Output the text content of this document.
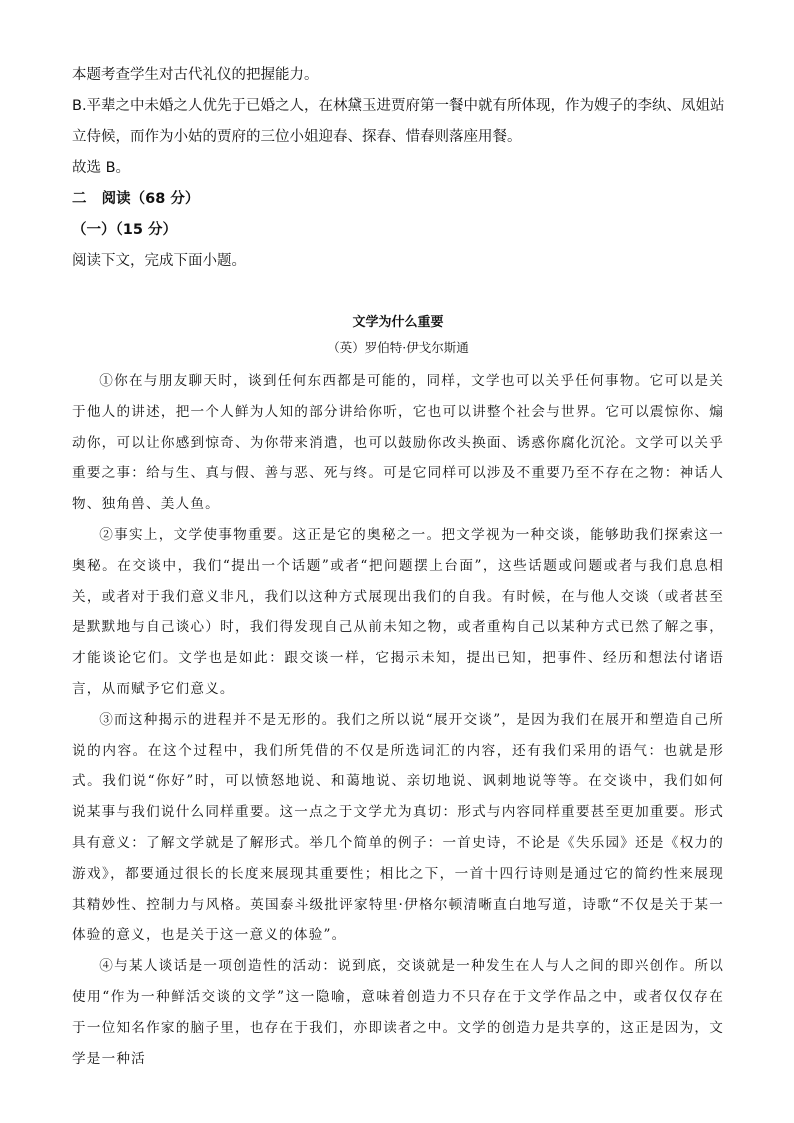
本题考查学生对古代礼仪的把握能力。

B.平辈之中未婚之人优先于已婚之人，在林黛玉进贾府第一餐中就有所体现，作为嫂子的李纨、凤姐站立侍候，而作为小姑的贾府的三位小姐迎春、探春、惜春则落座用餐。

故选 B。

二   阅读（68 分）

（一）（15 分）

阅读下文，完成下面小题。

文学为什么重要
（英）罗伯特·伊戈尔斯通

①你在与朋友聊天时，谈到任何东西都是可能的，同样，文学也可以关乎任何事物。它可以是关于他人的讲述，把一个人鲜为人知的部分讲给你听，它也可以讲整个社会与世界。它可以震惊你、煽动你，可以让你感到惊奇、为你带来消遣，也可以鼓励你改头换面、诱惑你腐化沉沦。文学可以关乎重要之事：给与生、真与假、善与恶、死与终。可是它同样可以涉及不重要乃至不存在之物：神话人物、独角兽、美人鱼。

②事实上，文学使事物重要。这正是它的奥秘之一。把文学视为一种交谈，能够助我们探索这一奥秘。在交谈中，我们“提出一个话题”或者“把问题摆上台面”，这些话题或问题或者与我们息息相关，或者对于我们意义非凡，我们以这种方式展现出我们的自我。有时候，在与他人交谈（或者甚至是默默地与自己谈心）时，我们得发现自己从前未知之物，或者重构自己以某种方式已然了解之事，才能谈论它们。文学也是如此：跟交谈一样，它揭示未知，提出已知，把事件、经历和想法付诸语言，从而赋予它们意义。

③而这种揭示的进程并不是无形的。我们之所以说“展开交谈”，是因为我们在展开和塑造自己所说的内容。在这个过程中，我们所凭借的不仅是所选词汇的内容，还有我们采用的语气：也就是形式。我们说“你好”时，可以愤怒地说、和蔼地说、亲切地说、讽刺地说等等。在交谈中，我们如何说某事与我们说什么同样重要。这一点之于文学尤为真切：形式与内容同样重要甚至更加重要。形式具有意义：了解文学就是了解形式。举几个简单的例子：一首史诗，不论是《失乐园》还是《权力的游戏》，都要通过很长的长度来展现其重要性；相比之下，一首十四行诗则是通过它的简约性来展现其精妙性、控制力与风格。英国泰斗级批评家特里·伊格尔顿清晰直白地写道，诗歌“不仅是关于某一体验的意义，也是关于这一意义的体验”。

④与某人谈话是一项创造性的活动：说到底，交谈就是一种发生在人与人之间的即兴创作。所以使用“作为一种鲜活交谈的文学”这一隐喻，意味着创造力不只存在于文学作品之中，或者仅仅存在于一位知名作家的脑子里，也存在于我们，亦即读者之中。文学的创造力是共享的，这正是因为，文学是一种活
